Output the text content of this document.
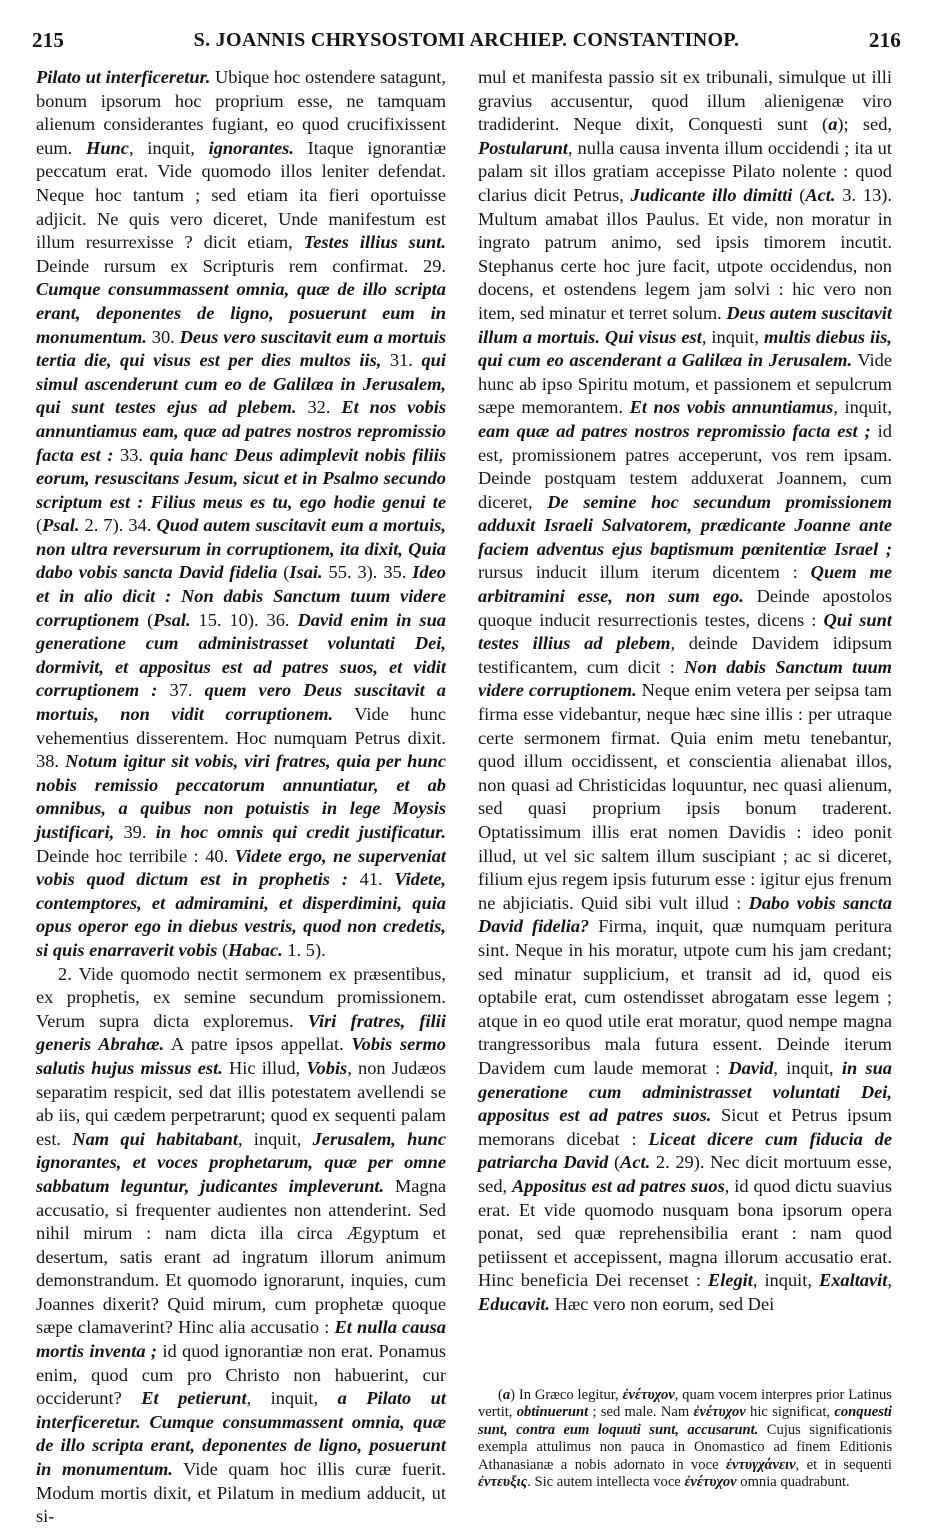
215	S. JOANNIS CHRYSOSTOMI ARCHIEP. CONSTANTINOP.	216

Pilato ut interficeretur. Ubique hoc ostendere satagunt, bonum ipsorum hoc proprium esse, ne tamquam alienum considerantes fugiant, eo quod crucifixissent eum. Hunc, inquit, ignorantes. Itaque ignorantiæ peccatum erat. Vide quomodo illos leniter defendat. Neque hoc tantum ; sed etiam ita fieri oportuisse adjicit. Ne quis vero diceret, Unde manifestum est illum resurrexisse ? dicit etiam, Testes illius sunt. Deinde rursum ex Scripturis rem confirmat. 29. Cumque consummassent omnia, quæ de illo scripta erant, deponentes de ligno, posuerunt eum in monumentum. 30. Deus vero suscitavit eum a mortuis tertia die, qui visus est per dies multos iis, 31. qui simul ascenderunt cum eo de Galilæa in Jerusalem, qui sunt testes ejus ad plebem. 32. Et nos vobis annuntiamus eam, quæ ad patres nostros repromissio facta est : 33. quia hanc Deus adimplevit nobis filiis eorum, resuscitans Jesum, sicut et in Psalmo secundo scriptum est : Filius meus es tu, ego hodie genui te (Psal. 2. 7). 34. Quod autem suscitavit eum a mortuis, non ultra reversurum in corruptionem, ita dixit, Quia dabo vobis sancta David fidelia (Isai. 55. 3). 35. Ideo et in alio dicit : Non dabis Sanctum tuum videre corruptionem (Psal. 15. 10). 36. David enim in sua generatione cum administrasset voluntati Dei, dormivit, et appositus est ad patres suos, et vidit corruptionem : 37. quem vero Deus suscitavit a mortuis, non vidit corruptionem. Vide hunc vehementius disserentem. Hoc numquam Petrus dixit. 38. Notum igitur sit vobis, viri fratres, quia per hunc nobis remissio peccatorum annuntiatur, et ab omnibus, a quibus non potuistis in lege Moysis justificari, 39. in hoc omnis qui credit justificatur. Deinde hoc terribile : 40. Videte ergo, ne superveniat vobis quod dictum est in prophetis : 41. Videte, contemptores, et admiramini, et disperdimini, quia opus operor ego in diebus vestris, quod non credetis, si quis enarraverit vobis (Habac. 1. 5).

2. Vide quomodo nectit sermonem ex præsentibus, ex prophetis, ex semine secundum promissionem. Verum supra dicta exploremus. Viri fratres, filii generis Abrahæ. A patre ipsos appellat. Vobis sermo salutis hujus missus est. Hic illud, Vobis, non Judæos separatim respicit, sed dat illis potestatem avellendi se ab iis, qui cædem perpetrarunt; quod ex sequenti palam est. Nam qui habitabant, inquit, Jerusalem, hunc ignorantes, et voces prophetarum, quæ per omne sabbatum leguntur, judicantes impleverunt. Magna accusatio, si frequenter audientes non attenderint. Sed nihil mirum : nam dicta illa circa Ægyptum et desertum, satis erant ad ingratum illorum animum demonstrandum. Et quomodo ignorarunt, inquies, cum Joannes dixerit? Quid mirum, cum prophetæ quoque sæpe clamaverint? Hinc alia accusatio : Et nulla causa mortis inventa ; id quod ignorantiæ non erat. Ponamus enim, quod cum pro Christo non habuerint, cur occiderunt? Et petierunt, inquit, a Pilato ut interficeretur. Cumque consummassent omnia, quæ de illo scripta erant, deponentes de ligno, posuerunt in monumentum. Vide quam hoc illis curæ fuerit. Modum mortis dixit, et Pilatum in medium adducit, ut si-

mul et manifesta passio sit ex tribunali, simulque ut illi gravius accusentur, quod illum alienigenæ viro tradiderint. Neque dixit, Conquesti sunt (a); sed, Postularunt, nulla causa inventa illum occidendi ; ita ut palam sit illos gratiam accepisse Pilato nolente : quod clarius dicit Petrus, Judicante illo dimitti (Act. 3. 13). Multum amabat illos Paulus. Et vide, non moratur in ingrato patrum animo, sed ipsis timorem incutit. Stephanus certe hoc jure facit, utpote occidendus, non docens, et ostendens legem jam solvi : hic vero non item, sed minatur et terret solum. Deus autem suscitavit illum a mortuis. Qui visus est, inquit, multis diebus iis, qui cum eo ascenderant a Galilæa in Jerusalem. Vide hunc ab ipso Spiritu motum, et passionem et sepulcrum sæpe memorantem. Et nos vobis annuntiamus, inquit, eam quæ ad patres nostros repromissio facta est ; id est, promissionem patres acceperunt, vos rem ipsam. Deinde postquam testem adduxerat Joannem, cum diceret, De semine hoc secundum promissionem adduxit Israeli Salvatorem, prædicante Joanne ante faciem adventus ejus baptismum pœnitentiæ Israel ; rursus inducit illum iterum dicentem : Quem me arbitramini esse, non sum ego. Deinde apostolos quoque inducit resurrectionis testes, dicens : Qui sunt testes illius ad plebem, deinde Davidem idipsum testificantem, cum dicit : Non dabis Sanctum tuum videre corruptionem. Neque enim vetera per seipsa tam firma esse videbantur, neque hæc sine illis : per utraque certe sermonem firmat. Quia enim metu tenebantur, quod illum occidissent, et conscientia alienabat illos, non quasi ad Christicidas loquuntur, nec quasi alienum, sed quasi proprium ipsis bonum traderent. Optatissimum illis erat nomen Davidis : ideo ponit illud, ut vel sic saltem illum suscipiant ; ac si diceret, filium ejus regem ipsis futurum esse : igitur ejus frenum ne abjiciatis. Quid sibi vult illud : Dabo vobis sancta David fidelia? Firma, inquit, quæ numquam peritura sint. Neque in his moratur, utpote cum his jam credant; sed minatur supplicium, et transit ad id, quod eis optabile erat, cum ostendisset abrogatam esse legem ; atque in eo quod utile erat moratur, quod nempe magna trangressoribus mala futura essent. Deinde iterum Davidem cum laude memorat : David, inquit, in sua generatione cum administrasset voluntati Dei, appositus est ad patres suos. Sicut et Petrus ipsum memorans dicebat : Liceat dicere cum fiducia de patriarcha David (Act. 2. 29). Nec dicit mortuum esse, sed, Appositus est ad patres suos, id quod dictu suavius erat. Et vide quomodo nusquam bona ipsorum opera ponat, sed quæ reprehensibilia erant : nam quod petiissent et accepissent, magna illorum accusatio erat. Hinc beneficia Dei recenset : Elegit, inquit, Exaltavit, Educavit. Hæc vero non eorum, sed Dei

(a) In Græco legitur, ἐνέτυχον, quam vocem interpres prior Latinus vertit, obtinuerunt ; sed male. Nam ἐνέτυχον hic significat, conquesti sunt, contra eum loquuti sunt, accusarunt. Cujus significationis exempla attulimus non pauca in Onomastico ad finem Editionis Athanasianæ a nobis adornato in voce ἐντυγχάνειν, et in sequenti ἐντευξις. Sic autem intellecta voce ἐνέτυχον omnia quadrabunt.
